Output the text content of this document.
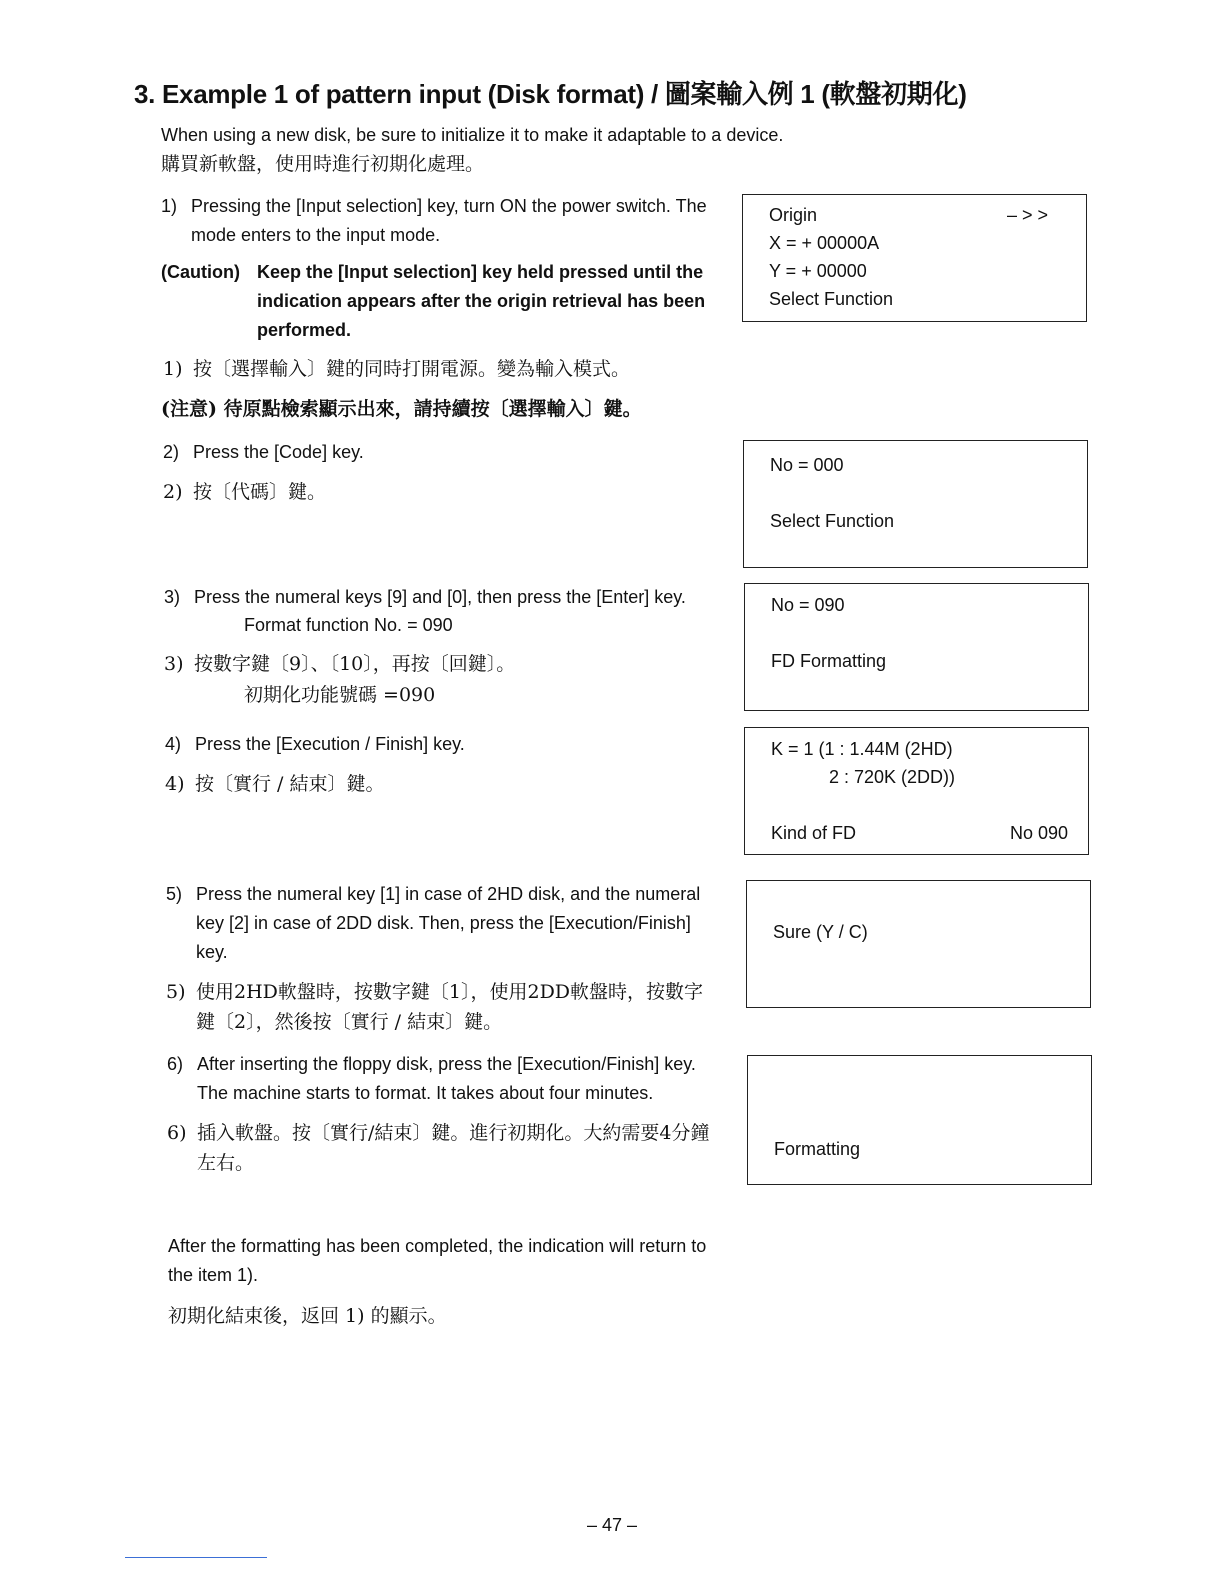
3. Example 1 of pattern input (Disk format) / 圖案輸入例 1 (軟盤初期化)
When using a new disk, be sure to initialize it to make it adaptable to a device.
購買新軟盤，使用時進行初期化處理。
1) Pressing the [Input selection] key, turn ON the power switch. The mode enters to the input mode.
(Caution) Keep the [Input selection] key held pressed until the indication appears after the origin retrieval has been performed.
1) 按〔選擇輸入〕鍵的同時打開電源。變為輸入模式。
(注意) 待原點檢索顯示出來，請持續按〔選擇輸入〕鍵。
2) Press the [Code] key.
2) 按〔代碼〕鍵。
3) Press the numeral keys [9] and [0], then press the [Enter] key.
Format function No. = 090
3) 按數字鍵〔9〕、〔10〕，再按〔回鍵〕。
初期化功能號碼 =090
4) Press the [Execution / Finish] key.
4) 按〔實行 / 結束〕鍵。
5) Press the numeral key [1] in case of 2HD disk, and the numeral key [2] in case of 2DD disk. Then, press the [Execution/Finish] key.
5) 使用2HD軟盤時，按數字鍵〔1〕，使用2DD軟盤時，按數字鍵〔2〕，然後按〔實行 / 結束〕鍵。
6) After inserting the floppy disk, press the [Execution/Finish] key. The machine starts to format. It takes about four minutes.
6) 插入軟盤。按〔實行/結束〕鍵。進行初期化。大約需要4分鐘左右。
After the formatting has been completed, the indication will return to the item 1).
初期化結束後，返回 1) 的顯示。
Origin	– > >
X = + 00000A
Y = + 00000
Select Function
No = 000
Select Function
No = 090
FD Formatting
K = 1 (1 : 1.44M (2HD)
2 : 720K (2DD))
Kind of FD	No 090
Sure (Y / C)
Formatting
– 47 –
